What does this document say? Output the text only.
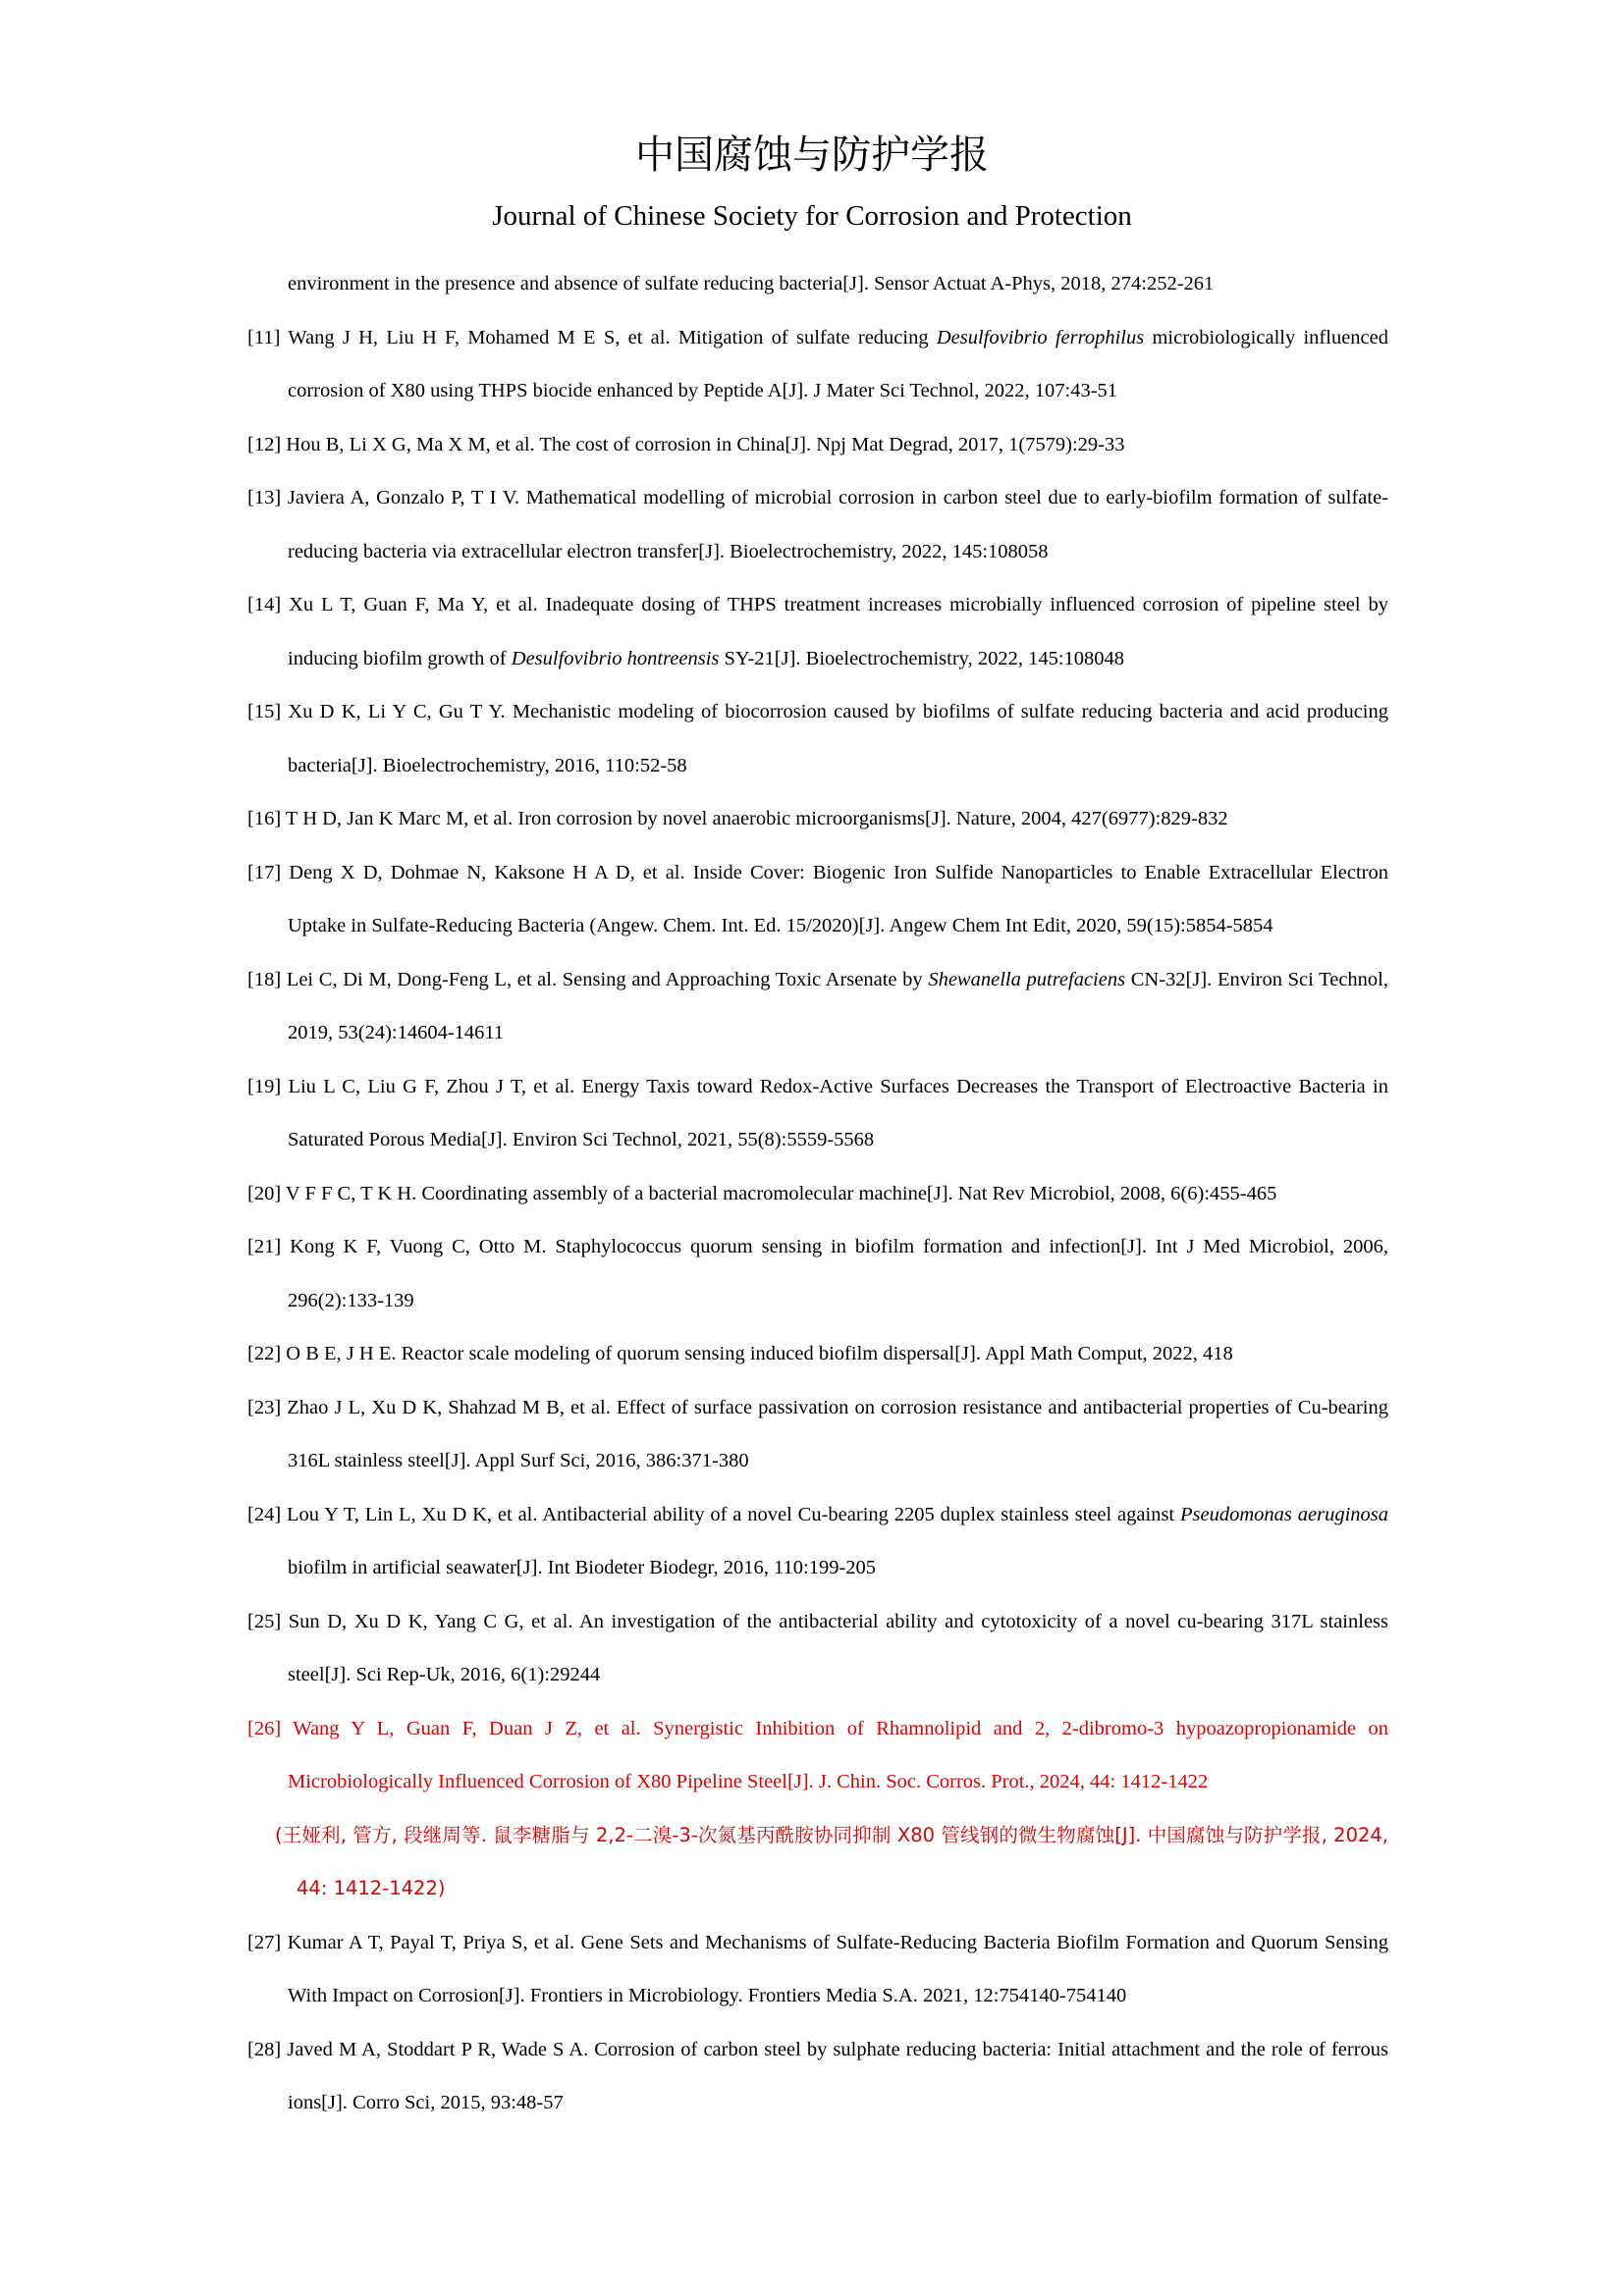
中国腐蚀与防护学报
Journal of Chinese Society for Corrosion and Protection

environment in the presence and absence of sulfate reducing bacteria[J]. Sensor Actuat A-Phys, 2018, 274:252-261

[11] Wang J H, Liu H F, Mohamed M E S, et al. Mitigation of sulfate reducing Desulfovibrio ferrophilus microbiologically influenced corrosion of X80 using THPS biocide enhanced by Peptide A[J]. J Mater Sci Technol, 2022, 107:43-51

[12] Hou B, Li X G, Ma X M, et al. The cost of corrosion in China[J]. Npj Mat Degrad, 2017, 1(7579):29-33

[13] Javiera A, Gonzalo P, T I V. Mathematical modelling of microbial corrosion in carbon steel due to early-biofilm formation of sulfate-reducing bacteria via extracellular electron transfer[J]. Bioelectrochemistry, 2022, 145:108058

[14] Xu L T, Guan F, Ma Y, et al. Inadequate dosing of THPS treatment increases microbially influenced corrosion of pipeline steel by inducing biofilm growth of Desulfovibrio hontreensis SY-21[J]. Bioelectrochemistry, 2022, 145:108048

[15] Xu D K, Li Y C, Gu T Y. Mechanistic modeling of biocorrosion caused by biofilms of sulfate reducing bacteria and acid producing bacteria[J]. Bioelectrochemistry, 2016, 110:52-58

[16] T H D, Jan K Marc M, et al. Iron corrosion by novel anaerobic microorganisms[J]. Nature, 2004, 427(6977):829-832

[17] Deng X D, Dohmae N, Kaksone H A D, et al. Inside Cover: Biogenic Iron Sulfide Nanoparticles to Enable Extracellular Electron Uptake in Sulfate-Reducing Bacteria (Angew. Chem. Int. Ed. 15/2020)[J]. Angew Chem Int Edit, 2020, 59(15):5854-5854

[18] Lei C, Di M, Dong-Feng L, et al. Sensing and Approaching Toxic Arsenate by Shewanella putrefaciens CN-32[J]. Environ Sci Technol, 2019, 53(24):14604-14611

[19] Liu L C, Liu G F, Zhou J T, et al. Energy Taxis toward Redox-Active Surfaces Decreases the Transport of Electroactive Bacteria in Saturated Porous Media[J]. Environ Sci Technol, 2021, 55(8):5559-5568

[20] V F F C, T K H. Coordinating assembly of a bacterial macromolecular machine[J]. Nat Rev Microbiol, 2008, 6(6):455-465

[21] Kong K F, Vuong C, Otto M. Staphylococcus quorum sensing in biofilm formation and infection[J]. Int J Med Microbiol, 2006, 296(2):133-139

[22] O B E, J H E. Reactor scale modeling of quorum sensing induced biofilm dispersal[J]. Appl Math Comput, 2022, 418

[23] Zhao J L, Xu D K, Shahzad M B, et al. Effect of surface passivation on corrosion resistance and antibacterial properties of Cu-bearing 316L stainless steel[J]. Appl Surf Sci, 2016, 386:371-380

[24] Lou Y T, Lin L, Xu D K, et al. Antibacterial ability of a novel Cu-bearing 2205 duplex stainless steel against Pseudomonas aeruginosa biofilm in artificial seawater[J]. Int Biodeter Biodegr, 2016, 110:199-205

[25] Sun D, Xu D K, Yang C G, et al. An investigation of the antibacterial ability and cytotoxicity of a novel cu-bearing 317L stainless steel[J]. Sci Rep-Uk, 2016, 6(1):29244

[26] Wang Y L, Guan F, Duan J Z, et al. Synergistic Inhibition of Rhamnolipid and 2, 2-dibromo-3 hypoazopropionamide on Microbiologically Influenced Corrosion of X80 Pipeline Steel[J]. J. Chin. Soc. Corros. Prot., 2024, 44: 1412-1422

(王娅利, 管方, 段继周等. 鼠李糖脂与 2,2-二溴-3-次氮基丙酰胺协同抑制 X80 管线钢的微生物腐蚀[J]. 中国腐蚀与防护学报, 2024, 44: 1412-1422)

[27] Kumar A T, Payal T, Priya S, et al. Gene Sets and Mechanisms of Sulfate-Reducing Bacteria Biofilm Formation and Quorum Sensing With Impact on Corrosion[J]. Frontiers in Microbiology. Frontiers Media S.A. 2021, 12:754140-754140

[28] Javed M A, Stoddart P R, Wade S A. Corrosion of carbon steel by sulphate reducing bacteria: Initial attachment and the role of ferrous ions[J]. Corro Sci, 2015, 93:48-57
